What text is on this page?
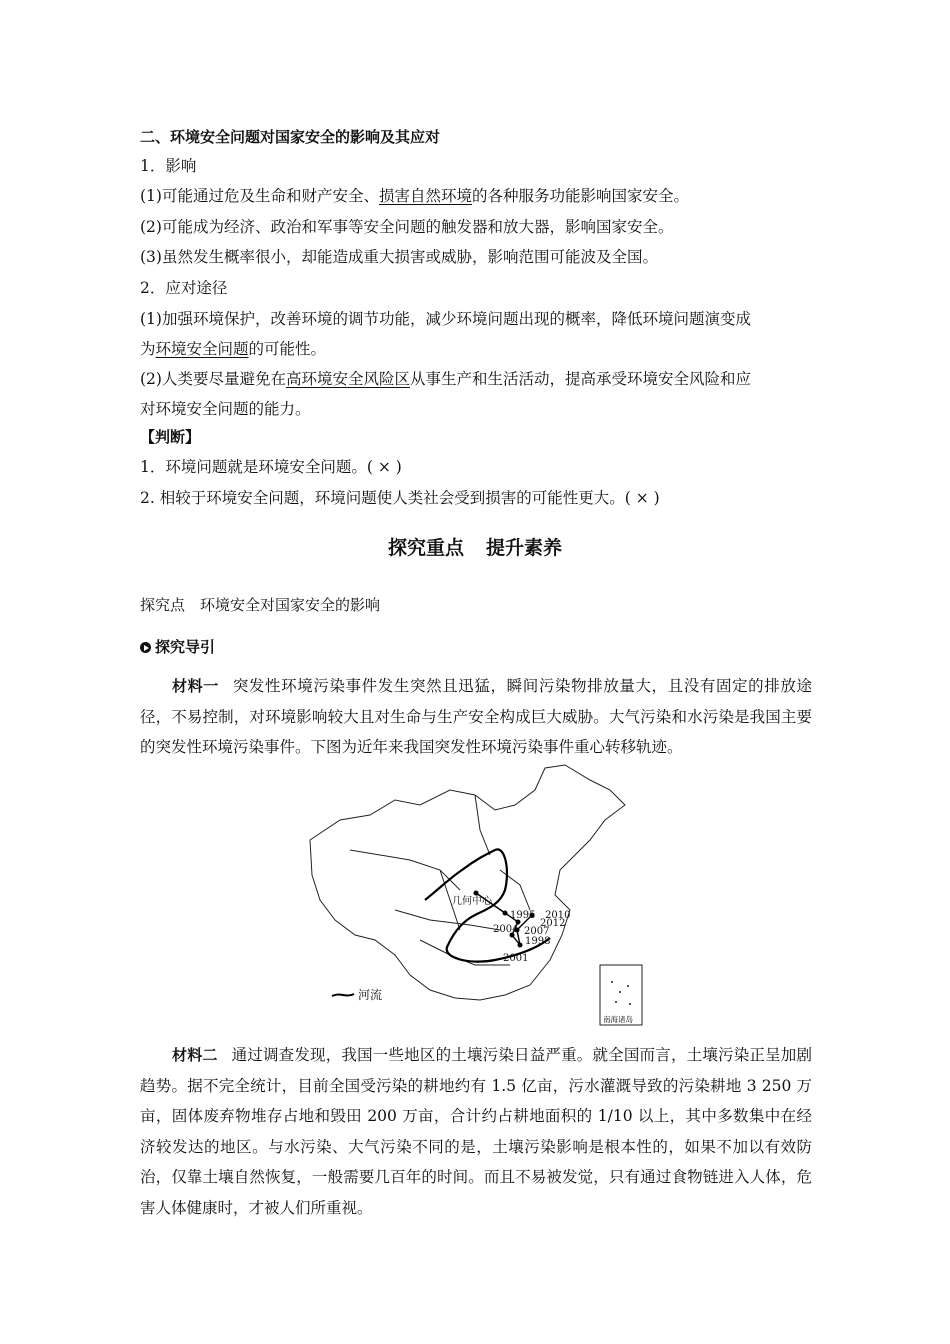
二、环境安全问题对国家安全的影响及其应对
1．影响
(1)可能通过危及生命和财产安全、损害自然环境的各种服务功能影响国家安全。
(2)可能成为经济、政治和军事等安全问题的触发器和放大器，影响国家安全。
(3)虽然发生概率很小，却能造成重大损害或威胁，影响范围可能波及全国。
2．应对途径
(1)加强环境保护，改善环境的调节功能，减少环境问题出现的概率，降低环境问题演变成
为环境安全问题的可能性。
(2)人类要尽量避免在高环境安全风险区从事生产和生活活动，提高承受环境安全风险和应
对环境安全问题的能力。
【判断】
1．环境问题就是环境安全问题。( × )
2. 相较于环境安全问题，环境问题使人类社会受到损害的可能性更大。( × )
探究重点 提升素养
探究点　环境安全对国家安全的影响
探究导引
材料一 突发性环境污染事件发生突然且迅猛，瞬间污染物排放量大，且没有固定的排放途径，不易控制，对环境影响较大且对生命与生产安全构成巨大威胁。大气污染和水污染是我国主要的突发性环境污染事件。下图为近年来我国突发性环境污染事件重心转移轨迹。
几何中心
1995 2010
2012
2004 2007
1998
2001
河流
南海诸岛
材料二 通过调查发现，我国一些地区的土壤污染日益严重。就全国而言，土壤污染正呈加剧趋势。据不完全统计，目前全国受污染的耕地约有 1.5 亿亩，污水灌溉导致的污染耕地 3 250 万亩，固体废弃物堆存占地和毁田 200 万亩，合计约占耕地面积的 1/10 以上，其中多数集中在经济较发达的地区。与水污染、大气污染不同的是，土壤污染影响是根本性的，如果不加以有效防治，仅靠土壤自然恢复，一般需要几百年的时间。而且不易被发觉，只有通过食物链进入人体，危害人体健康时，才被人们所重视。
